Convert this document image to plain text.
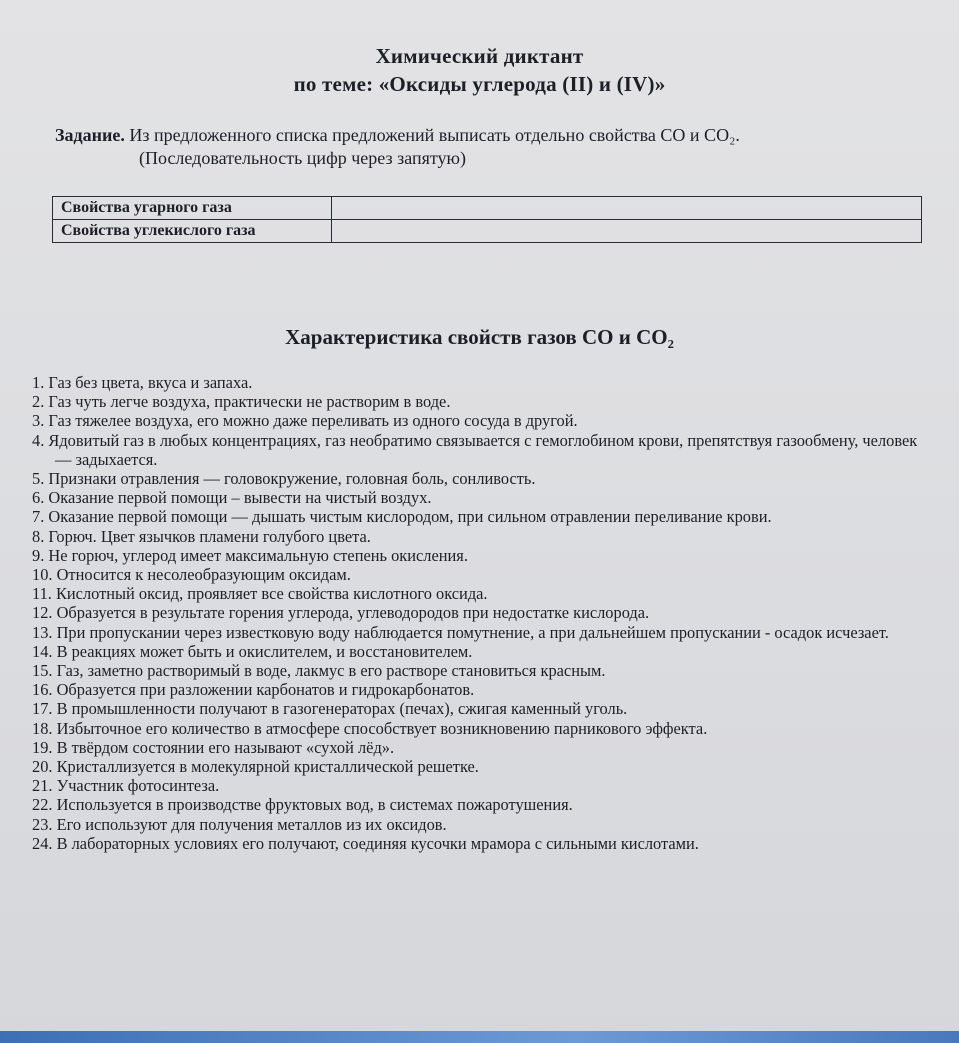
Химический диктант
по теме: «Оксиды углерода (II) и (IV)»
Задание. Из предложенного списка предложений выписать отдельно свойства СО и СО₂.
(Последовательность цифр через запятую)
Свойства угарного газа	
Свойства углекислого газа	
Характеристика свойств газов СО и СО₂
1. Газ без цвета, вкуса и запаха.
2. Газ чуть легче воздуха, практически не растворим в воде.
3. Газ тяжелее воздуха, его можно даже переливать из одного сосуда в другой.
4. Ядовитый газ в любых концентрациях, газ необратимо связывается с гемоглобином крови, препятствуя газообмену, человек — задыхается.
5. Признаки отравления — головокружение, головная боль, сонливость.
6. Оказание первой помощи – вывести на чистый воздух.
7. Оказание первой помощи — дышать чистым кислородом, при сильном отравлении переливание крови.
8. Горюч. Цвет язычков пламени голубого цвета.
9. Не горюч, углерод имеет максимальную степень окисления.
10. Относится к несолеобразующим оксидам.
11. Кислотный оксид, проявляет все свойства кислотного оксида.
12. Образуется в результате горения углерода, углеводородов при недостатке кислорода.
13. При пропускании через известковую воду наблюдается помутнение, а при дальнейшем пропускании - осадок исчезает.
14. В реакциях может быть и окислителем, и восстановителем.
15. Газ, заметно растворимый в воде, лакмус в его растворе становиться красным.
16. Образуется при разложении карбонатов и гидрокарбонатов.
17. В промышленности получают в газогенераторах (печах), сжигая каменный уголь.
18. Избыточное его количество в атмосфере способствует возникновению парникового эффекта.
19. В твёрдом состоянии его называют «сухой лёд».
20. Кристаллизуется в молекулярной кристаллической решетке.
21. Участник фотосинтеза.
22. Используется в производстве фруктовых вод, в системах пожаротушения.
23. Его используют для получения металлов из их оксидов.
24. В лабораторных условиях его получают, соединяя кусочки мрамора с сильными кислотами.
